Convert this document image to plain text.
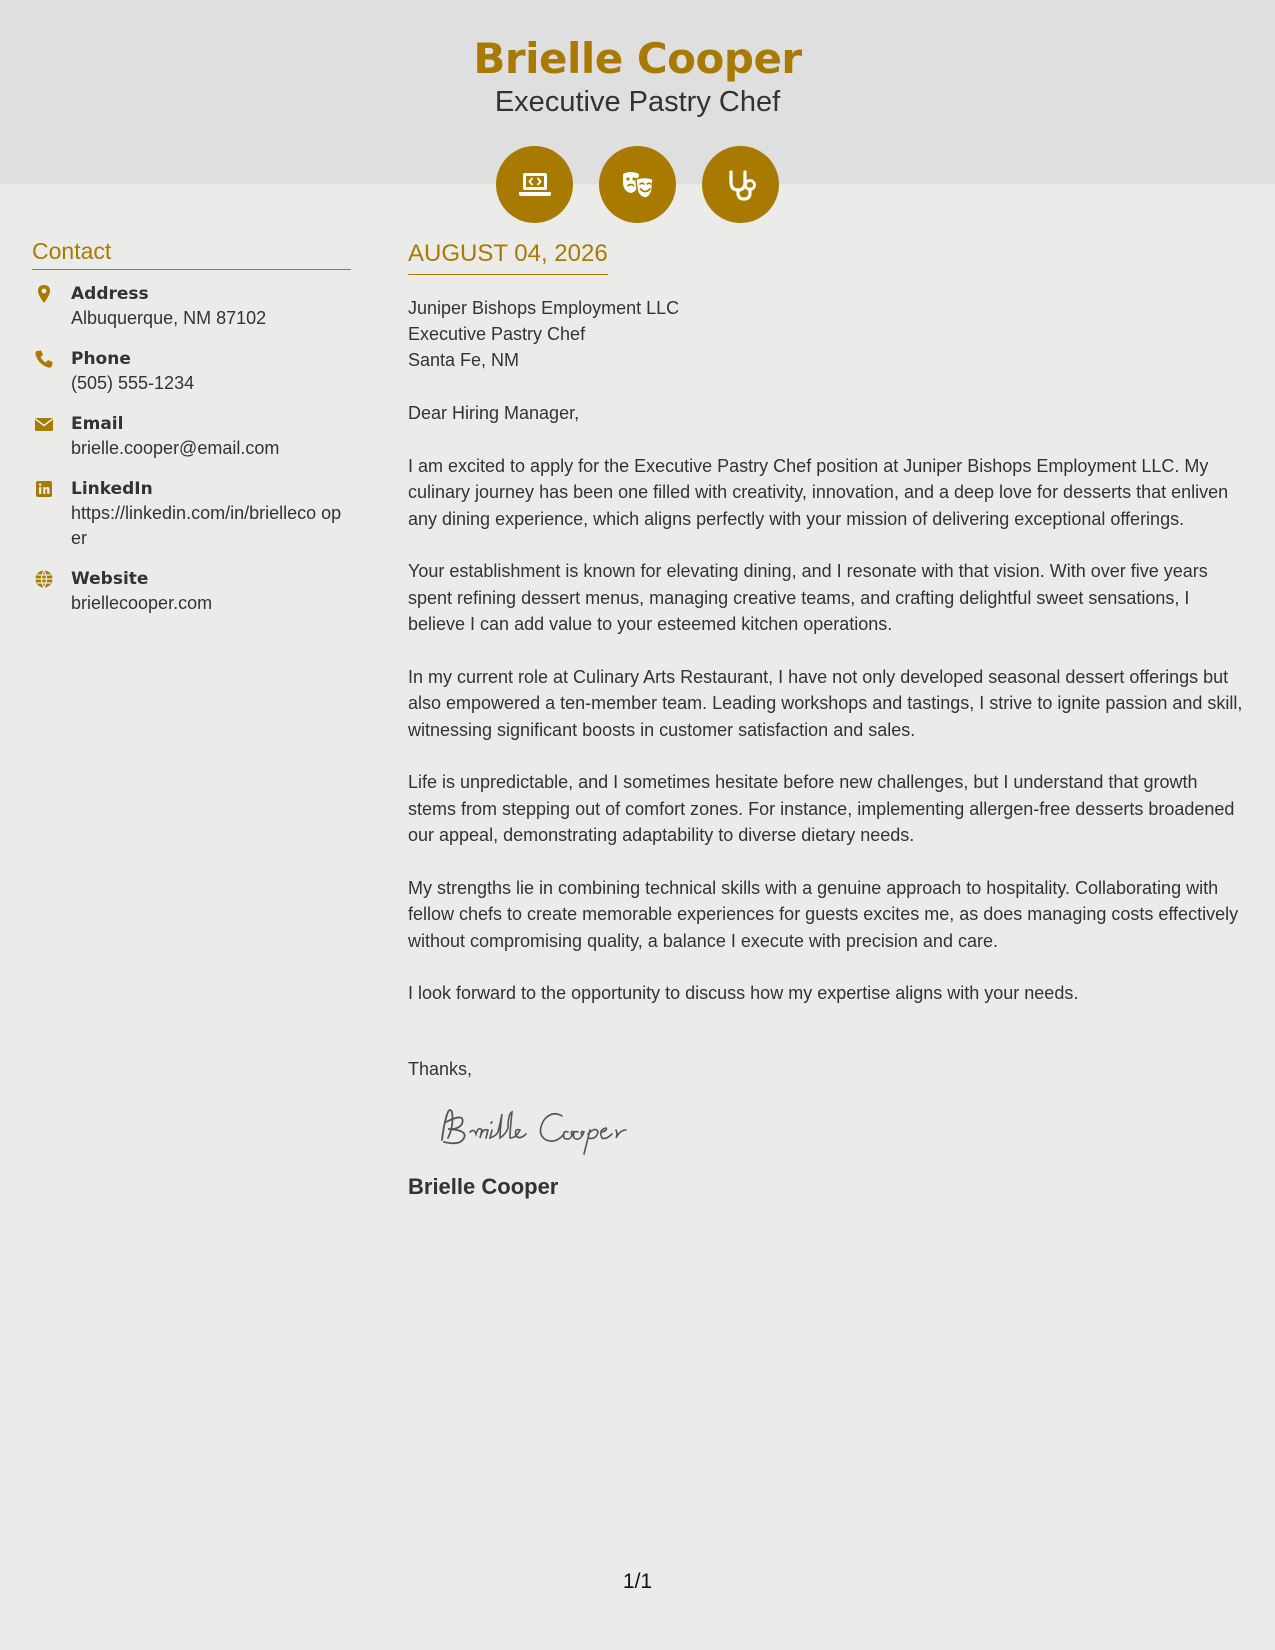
Brielle Cooper
Executive Pastry Chef
Contact
Address
Albuquerque, NM 87102
Phone
(505) 555-1234
Email
brielle.cooper@email.com
LinkedIn
https://linkedin.com/in/brielleco oper
Website
briellecooper.com
AUGUST 04, 2026
Juniper Bishops Employment LLC
Executive Pastry Chef
Santa Fe, NM

Dear Hiring Manager,

I am excited to apply for the Executive Pastry Chef position at Juniper Bishops Employment LLC. My culinary journey has been one filled with creativity, innovation, and a deep love for desserts that enliven any dining experience, which aligns perfectly with your mission of delivering exceptional offerings.

Your establishment is known for elevating dining, and I resonate with that vision. With over five years spent refining dessert menus, managing creative teams, and crafting delightful sweet sensations, I believe I can add value to your esteemed kitchen operations.

In my current role at Culinary Arts Restaurant, I have not only developed seasonal dessert offerings but also empowered a ten-member team. Leading workshops and tastings, I strive to ignite passion and skill, witnessing significant boosts in customer satisfaction and sales.

Life is unpredictable, and I sometimes hesitate before new challenges, but I understand that growth stems from stepping out of comfort zones. For instance, implementing allergen-free desserts broadened our appeal, demonstrating adaptability to diverse dietary needs.

My strengths lie in combining technical skills with a genuine approach to hospitality. Collaborating with fellow chefs to create memorable experiences for guests excites me, as does managing costs effectively without compromising quality, a balance I execute with precision and care.

I look forward to the opportunity to discuss how my expertise aligns with your needs.

Thanks,
Brielle Cooper
1/1
